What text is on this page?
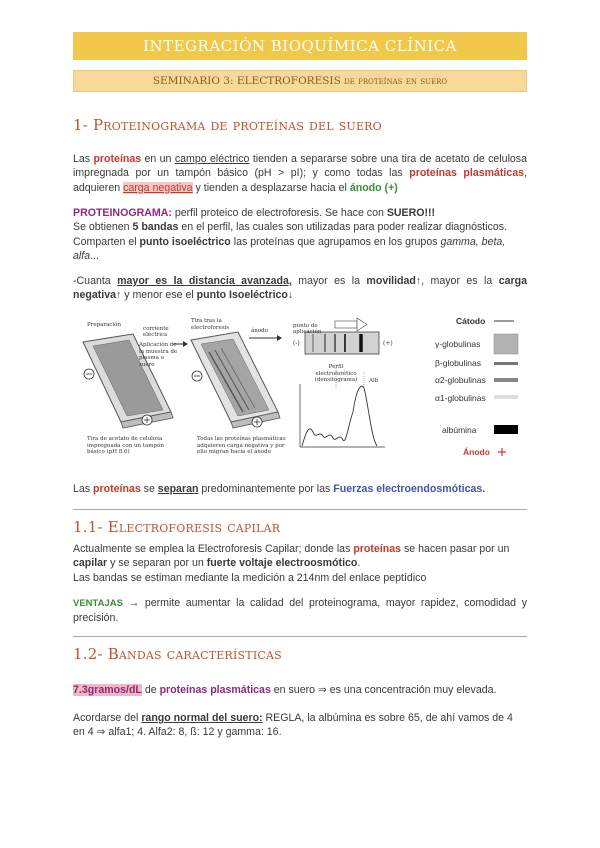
INTEGRACIÓN BIOQUÍMICA CLÍNICA
SEMINARIO 3: ELECTROFORESIS de proteínas en suero
1- Proteinograma de proteínas del suero
Las proteínas en un campo eléctrico tienden a separarse sobre una tira de acetato de celulosa impregnada por un tampón básico (pH > pI); y como todas las proteínas plasmáticas, adquieren carga negativa y tienden a desplazarse hacia el ánodo (+)
PROTEINOGRAMA: perfil proteico de electroforesis. Se hace con SUERO!!!
Se obtienen 5 bandas en el perfil, las cuales son utilizadas para poder realizar diagnósticos.
Comparten el punto isoeléctrico las proteínas que agrupamos en los grupos gamma, beta, alfa...
-Cuanta mayor es la distancia avanzada, mayor es la movilidad↑, mayor es la carga negativa↑ y menor ese el punto Isoeléctrico↓
Preparación
corriente eléctrica
Aplicación de la muestra de plasma o suero
Tira tras la electroforesis
ánodo
punto de aplicación
(-)	(+)
Perfil electroforético (densitograma)	Alb
Tira de acetato de celulosa impregnada con un tampón básico (pH 8.6)
Todas las proteínas plasmáticas adquieren carga negativa y por ello migran hacia el ánodo
Cátodo
γ-globulinas
β-globulinas
α2-globulinas
α1-globulinas
albúmina
Ánodo
Las proteínas se separan predominantemente por las Fuerzas electroendosmóticas.
1.1- Electroforesis capilar
Actualmente se emplea la Electroforesis Capilar; donde las proteínas se hacen pasar por un capilar y se separan por un fuerte voltaje electroosmótico.
Las bandas se estiman mediante la medición a 214nm del enlace peptídico
VENTAJAS → permite aumentar la calidad del proteinograma, mayor rapidez, comodidad y precisión.
1.2- Bandas características
7.3gramos/dL de proteínas plasmáticas en suero ⇒ es una concentración muy elevada.
Acordarse del rango normal del suero: REGLA, la albúmina es sobre 65, de ahí vamos de 4 en 4 ⇒ alfa1; 4. Alfa2: 8, ß: 12 y gamma: 16.
